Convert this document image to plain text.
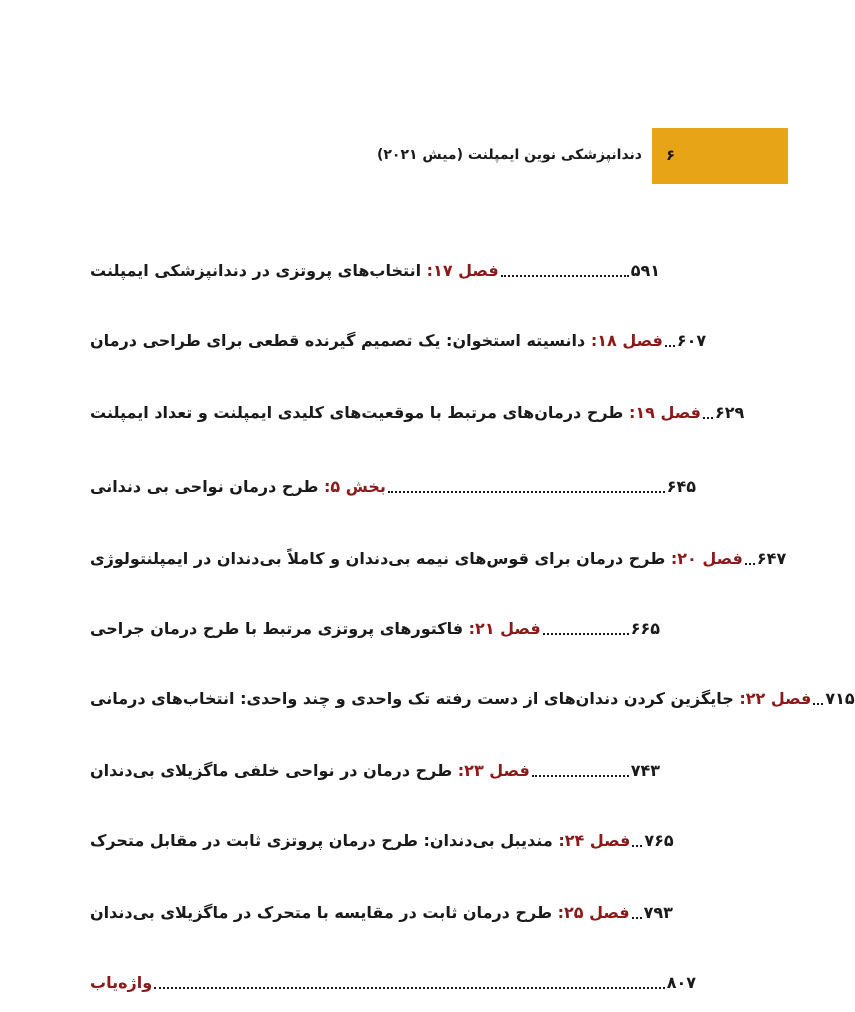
۶
دندانپزشکی نوین ایمپلنت (میش ۲۰۲۱)
فصل ۱۷: انتخاب‌های پروتزی در دندانپزشکی ایمپلنت	۵۹۱
فصل ۱۸: دانسیته استخوان: یک تصمیم گیرنده قطعی برای طراحی درمان	۶۰۷
فصل ۱۹: طرح درمان‌های مرتبط با موقعیت‌های کلیدی ایمپلنت و تعداد ایمپلنت	۶۲۹
بخش ۵: طرح درمان نواحی بی دندانی	۶۴۵
فصل ۲۰: طرح درمان برای قوس‌های نیمه بی‌دندان و کاملاً بی‌دندان در ایمپلنتولوژی	۶۴۷
فصل ۲۱: فاکتورهای پروتزی مرتبط با طرح درمان جراحی	۶۶۵
فصل ۲۲: جایگزین کردن دندان‌های از دست رفته تک واحدی و چند واحدی: انتخاب‌های درمانی	۷۱۵
فصل ۲۳: طرح درمان در نواحی خلفی ماگزیلای بی‌دندان	۷۴۳
فصل ۲۴: مندیبل بی‌دندان: طرح درمان پروتزی ثابت در مقابل متحرک	۷۶۵
فصل ۲۵: طرح درمان ثابت در مقایسه با متحرک در ماگزیلای بی‌دندان	۷۹۳
واژه‌یاب	۸۰۷
